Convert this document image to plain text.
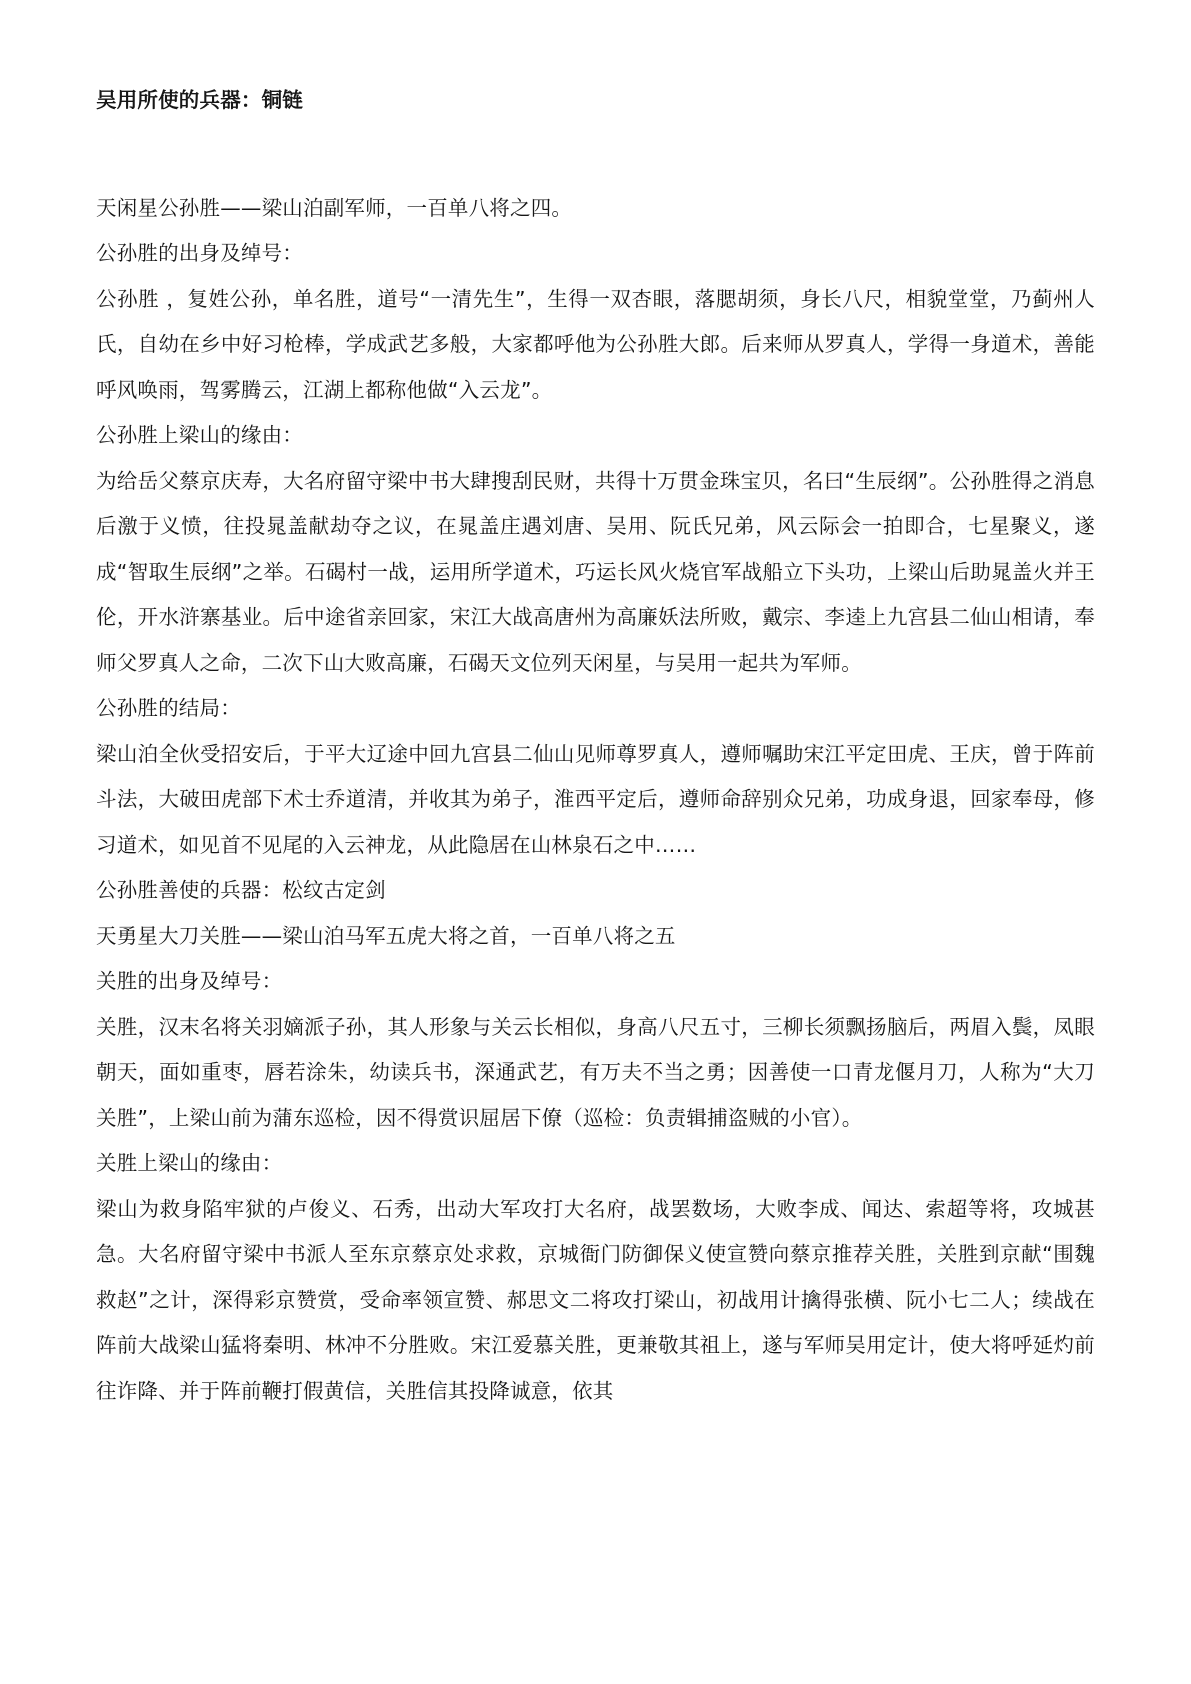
吴用所使的兵器：铜链

天闲星公孙胜——梁山泊副军师，一百单八将之四。

公孙胜的出身及绰号：

公孙胜 ，复姓公孙，单名胜，道号“一清先生”，生得一双杏眼，落腮胡须，身长八尺，相貌堂堂，乃蓟州人氏，自幼在乡中好习枪棒，学成武艺多般，大家都呼他为公孙胜大郎。后来师从罗真人，学得一身道术，善能呼风唤雨，驾雾腾云，江湖上都称他做“入云龙”。

公孙胜上梁山的缘由：

为给岳父蔡京庆寿，大名府留守梁中书大肆搜刮民财，共得十万贯金珠宝贝，名曰“生辰纲”。公孙胜得之消息后激于义愤，往投晁盖献劫夺之议，在晁盖庄遇刘唐、吴用、阮氏兄弟，风云际会一拍即合，七星聚义，遂成“智取生辰纲”之举。石碣村一战，运用所学道术，巧运长风火烧官军战船立下头功，上梁山后助晁盖火并王伦，开水浒寨基业。后中途省亲回家，宋江大战高唐州为高廉妖法所败，戴宗、李逵上九宫县二仙山相请，奉师父罗真人之命，二次下山大败高廉，石碣天文位列天闲星，与吴用一起共为军师。

公孙胜的结局：

梁山泊全伙受招安后，于平大辽途中回九宫县二仙山见师尊罗真人，遵师嘱助宋江平定田虎、王庆，曾于阵前斗法，大破田虎部下术士乔道清，并收其为弟子，淮西平定后，遵师命辞别众兄弟，功成身退，回家奉母，修习道术，如见首不见尾的入云神龙，从此隐居在山林泉石之中……

公孙胜善使的兵器：松纹古定剑

天勇星大刀关胜——梁山泊马军五虎大将之首，一百单八将之五

关胜的出身及绰号：

关胜，汉末名将关羽嫡派子孙，其人形象与关云长相似，身高八尺五寸，三柳长须飘扬脑后，两眉入鬓，凤眼朝天，面如重枣，唇若涂朱，幼读兵书，深通武艺，有万夫不当之勇；因善使一口青龙偃月刀，人称为“大刀关胜”，上梁山前为蒲东巡检，因不得赏识屈居下僚（巡检：负责辑捕盗贼的小官）。

关胜上梁山的缘由：

梁山为救身陷牢狱的卢俊义、石秀，出动大军攻打大名府，战罢数场，大败李成、闻达、索超等将，攻城甚急。大名府留守梁中书派人至东京蔡京处求救，京城衙门防御保义使宣赞向蔡京推荐关胜，关胜到京献“围魏救赵”之计，深得彩京赞赏，受命率领宣赞、郝思文二将攻打梁山，初战用计擒得张横、阮小七二人；续战在阵前大战梁山猛将秦明、林冲不分胜败。宋江爱慕关胜，更兼敬其祖上，遂与军师吴用定计，使大将呼延灼前往诈降、并于阵前鞭打假黄信，关胜信其投降诚意，依其
